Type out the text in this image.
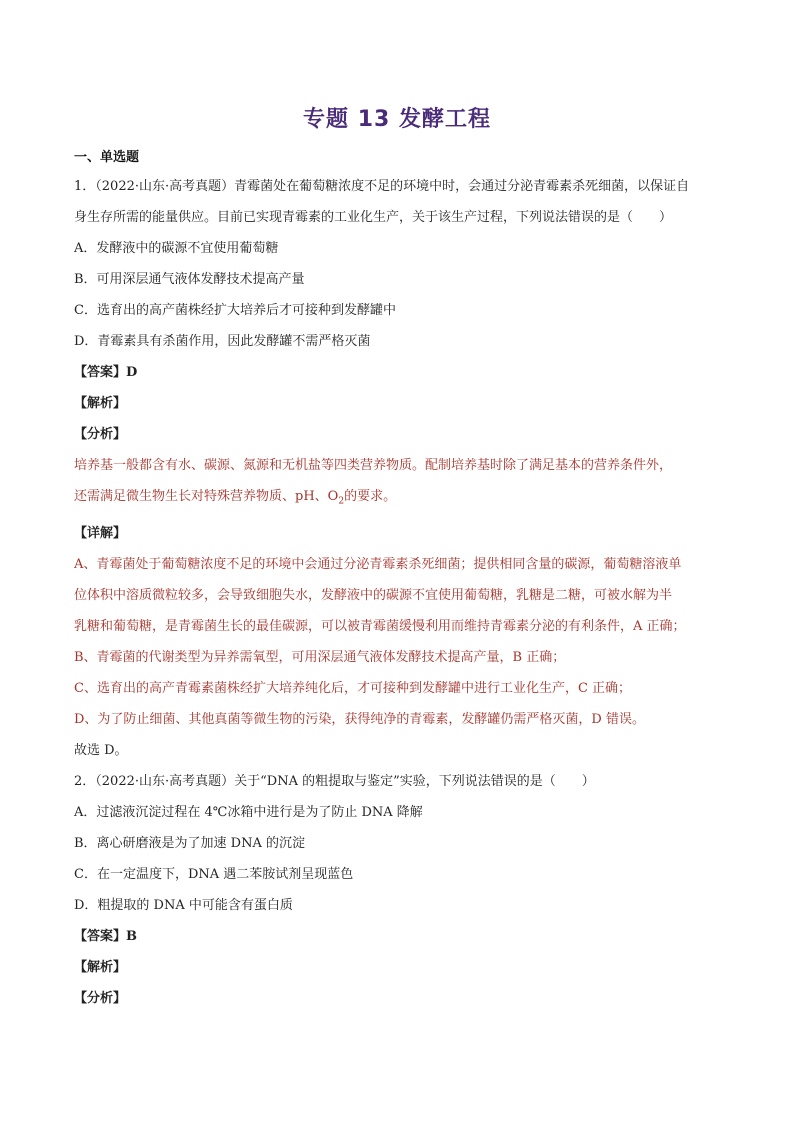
专题 13 发酵工程
一、单选题

1．（2022·山东·高考真题）青霉菌处在葡萄糖浓度不足的环境中时，会通过分泌青霉素杀死细菌，以保证自

身生存所需的能量供应。目前已实现青霉素的工业化生产，关于该生产过程，下列说法错误的是（　　）

A．发酵液中的碳源不宜使用葡萄糖

B．可用深层通气液体发酵技术提高产量

C．选育出的高产菌株经扩大培养后才可接种到发酵罐中

D．青霉素具有杀菌作用，因此发酵罐不需严格灭菌

【答案】D

【解析】

【分析】

培养基一般都含有水、碳源、氮源和无机盐等四类营养物质。配制培养基时除了满足基本的营养条件外，

还需满足微生物生长对特殊营养物质、pH、$O_2$的要求。

【详解】

A、青霉菌处于葡萄糖浓度不足的环境中会通过分泌青霉素杀死细菌；提供相同含量的碳源，葡萄糖溶液单

位体积中溶质微粒较多，会导致细胞失水，发酵液中的碳源不宜使用葡萄糖，乳糖是二糖，可被水解为半

乳糖和葡萄糖，是青霉菌生长的最佳碳源，可以被青霉菌缓慢利用而维持青霉素分泌的有利条件，A 正确；

B、青霉菌的代谢类型为异养需氧型，可用深层通气液体发酵技术提高产量，B 正确；

C、选育出的高产青霉素菌株经扩大培养纯化后，才可接种到发酵罐中进行工业化生产，C 正确；

D、为了防止细菌、其他真菌等微生物的污染，获得纯净的青霉素，发酵罐仍需严格灭菌，D 错误。

故选 D。

2．（2022·山东·高考真题）关于“DNA 的粗提取与鉴定”实验，下列说法错误的是（　　）

A．过滤液沉淀过程在 4℃冰箱中进行是为了防止 DNA 降解

B．离心研磨液是为了加速 DNA 的沉淀

C．在一定温度下，DNA 遇二苯胺试剂呈现蓝色

D．粗提取的 DNA 中可能含有蛋白质

【答案】B

【解析】

【分析】
